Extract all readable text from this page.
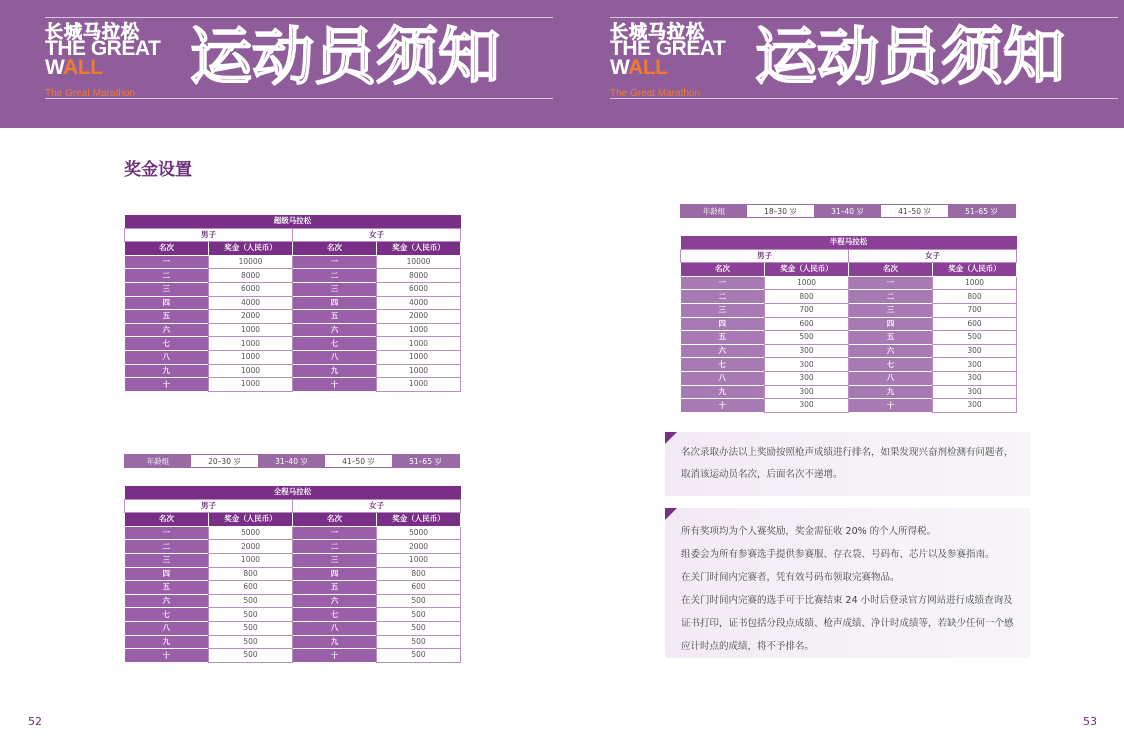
长城马拉松
THE GREAT
WALL
The Great Marathon
运动员须知	长城马拉松
THE GREAT
WALL
The Great Marathon
运动员须知
奖金设置
超级马拉松			
男子		女子	
名次	奖金（人民币）	名次	奖金（人民币）
一	10000	一	10000
二	8000	二	8000
三	6000	三	6000
四	4000	四	4000
五	2000	五	2000
六	1000	六	1000
七	1000	七	1000
八	1000	八	1000
九	1000	九	1000
十	1000	十	1000
年龄组	20–30 岁	31–40 岁	41–50 岁	51–65 岁
全程马拉松			
男子		女子	
名次	奖金（人民币）	名次	奖金（人民币）
一	5000	一	5000
二	2000	二	2000
三	1000	三	1000
四	800	四	800
五	600	五	600
六	500	六	500
七	500	七	500
八	500	八	500
九	500	九	500
十	500	十	500
年龄组	18–30 岁	31–40 岁	41–50 岁	51–65 岁
半程马拉松			
男子		女子	
名次	奖金（人民币）	名次	奖金（人民币）
一	1000	一	1000
二	800	二	800
三	700	三	700
四	600	四	600
五	500	五	500
六	300	六	300
七	300	七	300
八	300	八	300
九	300	九	300
十	300	十	300

名次录取办法以上奖励按照枪声成绩进行排名，如果发现兴奋剂检测有问题者，

取消该运动员名次，后面名次不递增。

所有奖项均为个人赛奖励，奖金需征收 20% 的个人所得税。

组委会为所有参赛选手提供参赛服、存衣袋、号码布、芯片以及参赛指南。

在关门时间内完赛者，凭有效号码布领取完赛物品。

在关门时间内完赛的选手可于比赛结束 24 小时后登录官方网站进行成绩查询及

证书打印，证书包括分段点成绩、枪声成绩、净计时成绩等，若缺少任何一个感

应计时点的成绩，将不予排名。

52	53
